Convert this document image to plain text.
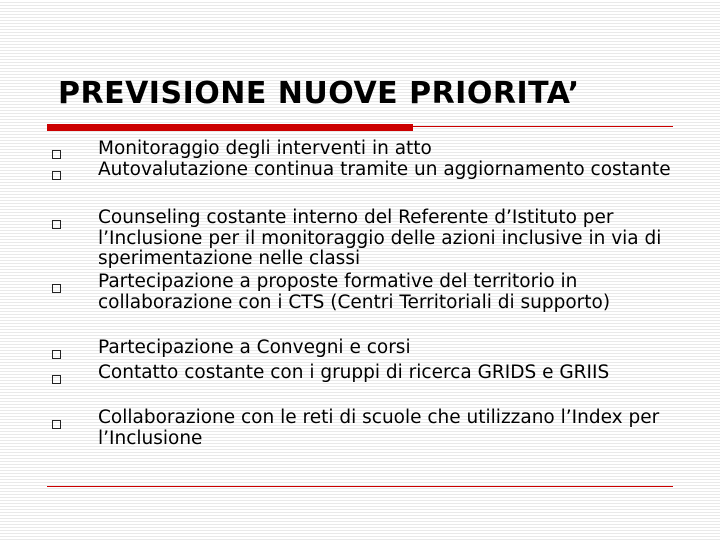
PREVISIONE NUOVE PRIORITA’

Monitoraggio degli interventi in atto

Autovalutazione continua tramite un aggiornamento costante

Counseling costante interno del Referente d’Istituto per l’Inclusione per il monitoraggio delle azioni inclusive in via di sperimentazione nelle classi

Partecipazione a proposte formative del territorio in collaborazione con i CTS (Centri Territoriali di supporto)

Partecipazione a Convegni e corsi

Contatto costante con i gruppi di ricerca GRIDS e GRIIS

Collaborazione con le reti di scuole che utilizzano l’Index per l’Inclusione
